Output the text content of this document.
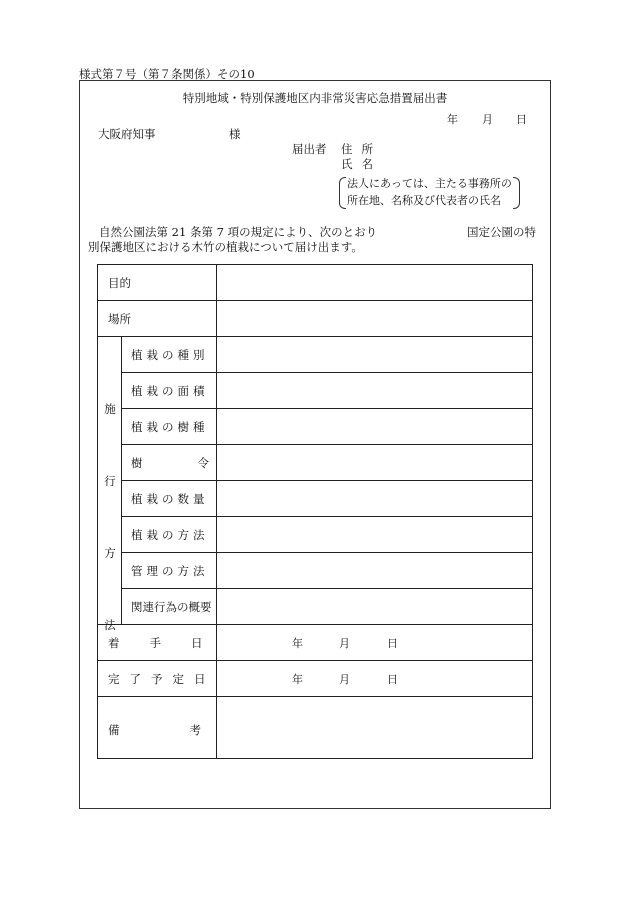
様式第７号（第７条関係）その10
特別地域・特別保護地区内非常災害応急措置届出書
年 月 日
大阪府知事	様
届出者 住所
氏名
法人にあっては、主たる事務所の
所在地、名称及び代表者の氏名
自然公園法第 21 条第 7 項の規定により、次のとおり	国定公園の特
別保護地区における木竹の植栽について届け出ます。
目的
場所
施行方法
植栽の種別
植栽の面積
植栽の樹種
樹令
植栽の数量
植栽の方法
管理の方法
関連行為の概要
着手日	年	月	日
完了予定日	年	月	日
備考
